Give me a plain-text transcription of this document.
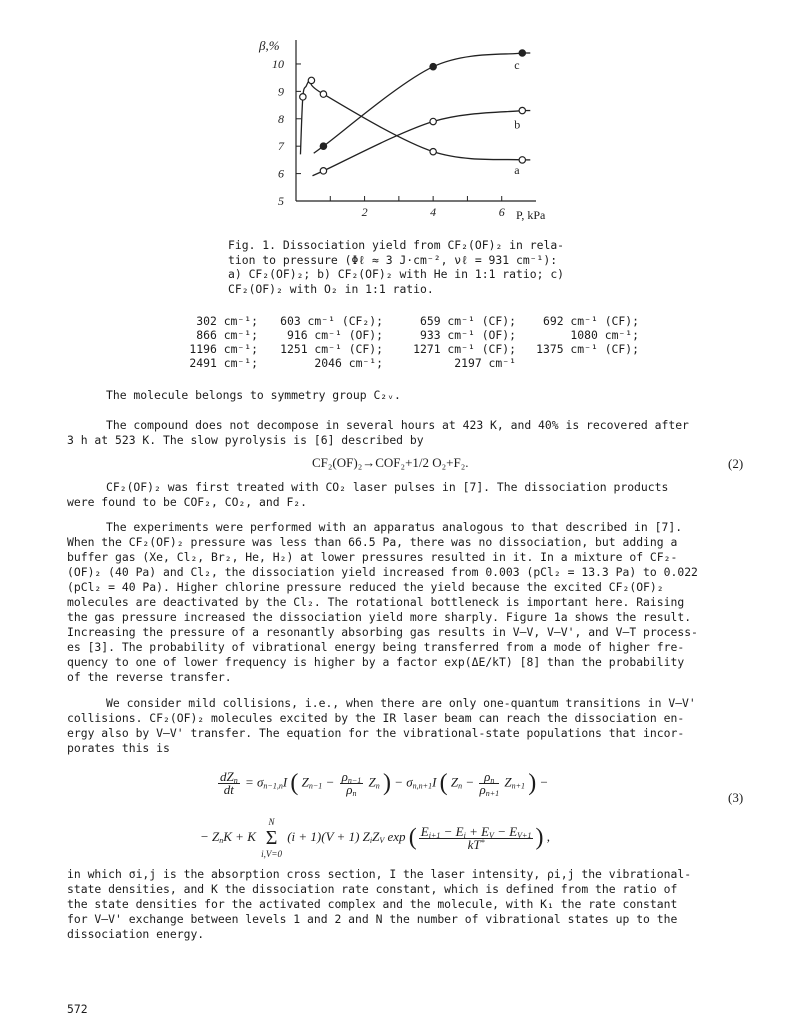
5
6
7
8
9
10
2	4	6
a
b
c
β,%
P, kPa
Fig. 1. Dissociation yield from CF₂(OF)₂ in rela-
tion to pressure (Φℓ ≈ 3 J·cm⁻², νℓ = 931 cm⁻¹):
a) CF₂(OF)₂; b) CF₂(OF)₂ with He in 1:1 ratio; c)
CF₂(OF)₂ with O₂ in 1:1 ratio.
302 cm⁻¹;	603 cm⁻¹ (CF₂);	659 cm⁻¹ (CF);	692 cm⁻¹ (CF);
866 cm⁻¹;	916 cm⁻¹ (OF);	933 cm⁻¹ (OF);	1080 cm⁻¹;
1196 cm⁻¹;	1251 cm⁻¹ (CF);	1271 cm⁻¹ (CF);	1375 cm⁻¹ (CF);
2491 cm⁻¹;	2046 cm⁻¹;	2197 cm⁻¹	
The molecule belongs to symmetry group C₂ᵥ.
The compound does not decompose in several hours at 423 K, and 40% is recovered after
3 h at 523 K. The slow pyrolysis is [6] described by
CF₂(OF)₂→COF₂+1/2 O₂+F₂.	(2)
CF₂(OF)₂ was first treated with CO₂ laser pulses in [7]. The dissociation products
were found to be COF₂, CO₂, and F₂.
The experiments were performed with an apparatus analogous to that described in [7].
When the CF₂(OF)₂ pressure was less than 66.5 Pa, there was no dissociation, but adding a
buffer gas (Xe, Cl₂, Br₂, He, H₂) at lower pressures resulted in it. In a mixture of CF₂-
(OF)₂ (40 Pa) and Cl₂, the dissociation yield increased from 0.003 (pCl₂ = 13.3 Pa) to 0.022
(pCl₂ = 40 Pa). Higher chlorine pressure reduced the yield because the excited CF₂(OF)₂
molecules are deactivated by the Cl₂. The rotational bottleneck is important here. Raising
the gas pressure increased the dissociation yield more sharply. Figure 1a shows the result.
Increasing the pressure of a resonantly absorbing gas results in V–V, V–V', and V–T process-
es [3]. The probability of vibrational energy being transferred from a mode of higher fre-
quency to one of lower frequency is higher by a factor exp(ΔE/kT) [8] than the probability
of the reverse transfer.
We consider mild collisions, i.e., when there are only one-quantum transitions in V–V'
collisions. CF₂(OF)₂ molecules excited by the IR laser beam can reach the dissociation en-
ergy also by V–V' transfer. The equation for the vibrational-state populations that incor-
porates this is
$\frac{dZ_n}{dt} = \sigma_{n-1,n}I$ ( $Z_{n-1} - \frac{\rho_{n-1}}{\rho_n} Z_n$ ) − $\sigma_{n,n+1}I$ ( $Z_n - \frac{\rho_n}{\rho_{n+1}} Z_{n+1}$ ) −
(3)
− $Z_nK + K$
N
Σ
i,V=0
(i + 1)(V + 1) $Z_iZ_V$ exp ( $\frac{E_{i+1} - E_i + E_V - E_{V+1}}{kT^*}$ ) ,
in which σi,j is the absorption cross section, I the laser intensity, ρi,j the vibrational-
state densities, and K the dissociation rate constant, which is defined from the ratio of
the state densities for the activated complex and the molecule, with K₁ the rate constant
for V–V' exchange between levels 1 and 2 and N the number of vibrational states up to the
dissociation energy.
572
